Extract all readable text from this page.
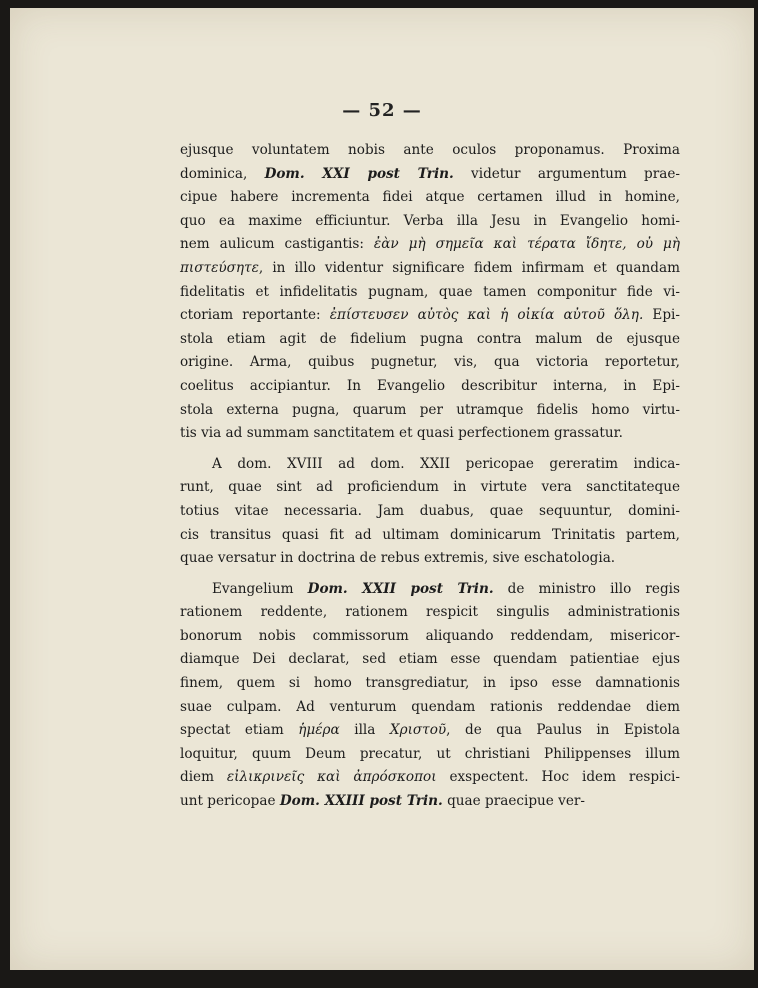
— 52 —
ejusque voluntatem nobis ante oculos proponamus. Proxima
dominica, Dom. XXI post Trin. videtur argumentum prae-
cipue habere incrementa fidei atque certamen illud in homine,
quo ea maxime efficiuntur. Verba illa Jesu in Evangelio homi-
nem aulicum castigantis: ἐὰν μὴ σημεῖα καὶ τέρατα ἴδητε, οὐ μὴ
πιστεύσητε, in illo videntur significare fidem infirmam et quandam
fidelitatis et infidelitatis pugnam, quae tamen componitur fide vi-
ctoriam reportante: ἐπίστευσεν αὐτὸς καὶ ἡ οἰκία αὐτοῦ ὅλη. Epi-
stola etiam agit de fidelium pugna contra malum de ejusque
origine. Arma, quibus pugnetur, vis, qua victoria reportetur,
coelitus accipiantur. In Evangelio describitur interna, in Epi-
stola externa pugna, quarum per utramque fidelis homo virtu-
tis via ad summam sanctitatem et quasi perfectionem grassatur.
A dom. XVIII ad dom. XXII pericopae gereratim indica-
runt, quae sint ad proficiendum in virtute vera sanctitateque
totius vitae necessaria. Jam duabus, quae sequuntur, domini-
cis transitus quasi fit ad ultimam dominicarum Trinitatis partem,
quae versatur in doctrina de rebus extremis, sive eschatologia.
Evangelium Dom. XXII post Trin. de ministro illo regis
rationem reddente, rationem respicit singulis administrationis
bonorum nobis commissorum aliquando reddendam, misericor-
diamque Dei declarat, sed etiam esse quendam patientiae ejus
finem, quem si homo transgrediatur, in ipso esse damnationis
suae culpam. Ad venturum quendam rationis reddendae diem
spectat etiam ἡμέρα illa Χριστοῦ, de qua Paulus in Epistola
loquitur, quum Deum precatur, ut christiani Philippenses illum
diem εἰλικρινεῖς καὶ ἀπρόσκοποι exspectent. Hoc idem respici-
unt pericopae Dom. XXIII post Trin. quae praecipue ver-
